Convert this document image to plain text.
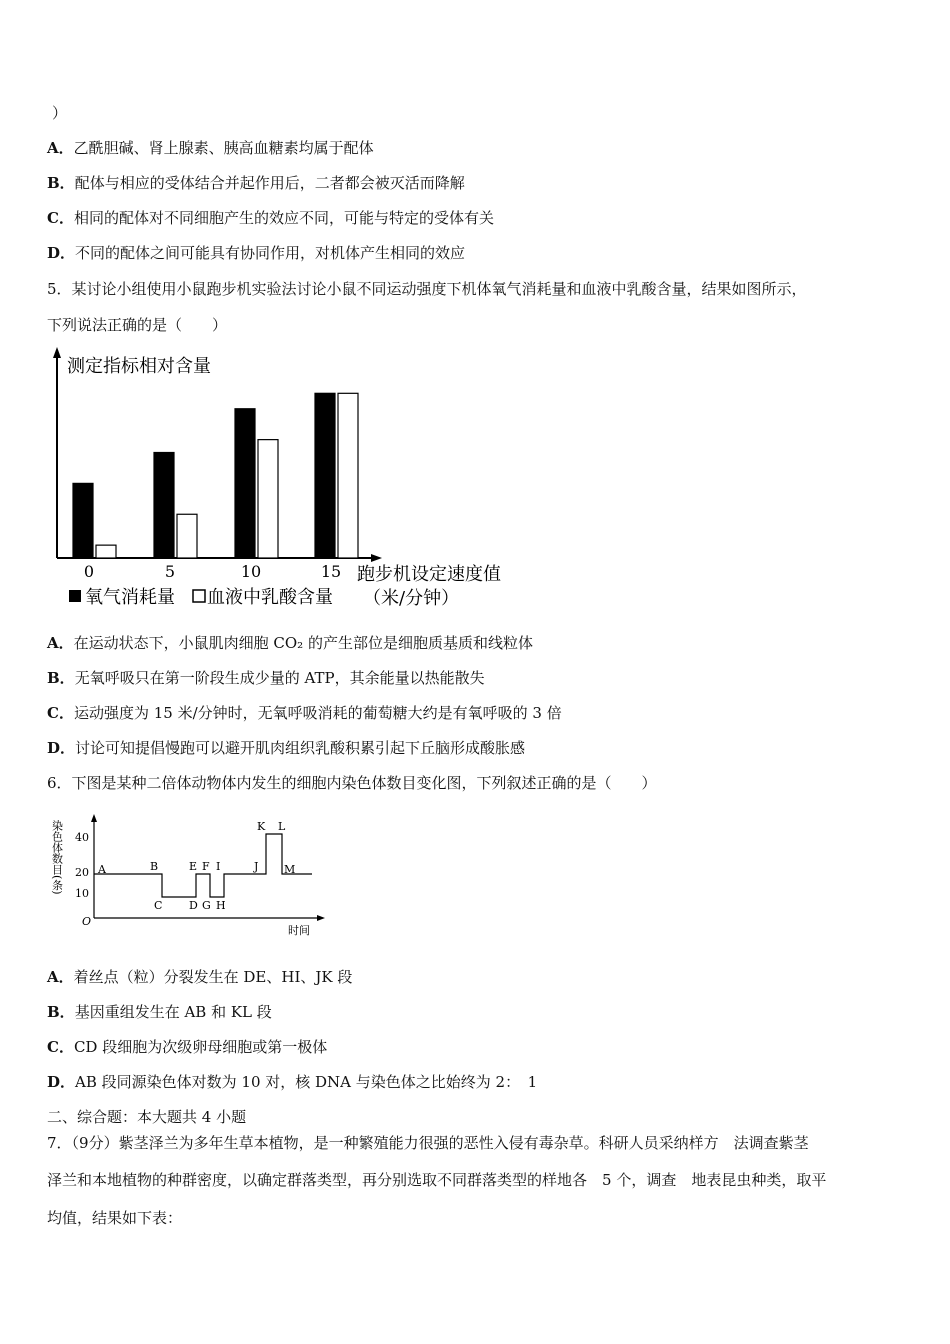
）
A．乙酰胆碱、肾上腺素、胰高血糖素均属于配体
B．配体与相应的受体结合并起作用后，二者都会被灭活而降解
C．相同的配体对不同细胞产生的效应不同，可能与特定的受体有关
D．不同的配体之间可能具有协同作用，对机体产生相同的效应
5．某讨论小组使用小鼠跑步机实验法讨论小鼠不同运动强度下机体氧气消耗量和血液中乳酸含量，结果如图所示，
下列说法正确的是（　　）
测定指标相对含量
跑步机设定速度值
（米/分钟）
0	5	10	15
氧气消耗量 血液中乳酸含量
A．在运动状态下，小鼠肌肉细胞 CO₂ 的产生部位是细胞质基质和线粒体
B．无氧呼吸只在第一阶段生成少量的 ATP，其余能量以热能散失
C．运动强度为 15 米/分钟时，无氧呼吸消耗的葡萄糖大约是有氧呼吸的 3 倍
D．讨论可知提倡慢跑可以避开肌肉组织乳酸积累引起下丘脑形成酸胀感
6．下图是某种二倍体动物体内发生的细胞内染色体数目变化图，下列叙述正确的是（　　）
染色体数目(条) 40
20
10
O
时间
A	B
C D
E F
G H
I	J
K L
M
A．着丝点（粒）分裂发生在 DE、HI、JK 段
B．基因重组发生在 AB 和 KL 段
C．CD 段细胞为次级卵母细胞或第一极体
D．AB 段同源染色体对数为 10 对，核 DNA 与染色体之比始终为 2：　1
二、综合题：本大题共 4 小题
7．（9分）紫茎泽兰为多年生草本植物，是一种繁殖能力很强的恶性入侵有毒杂草。科研人员采纳样方　法调查紫茎
泽兰和本地植物的种群密度，以确定群落类型，再分别选取不同群落类型的样地各　5 个，调查　地表昆虫种类，取平
均值，结果如下表：
